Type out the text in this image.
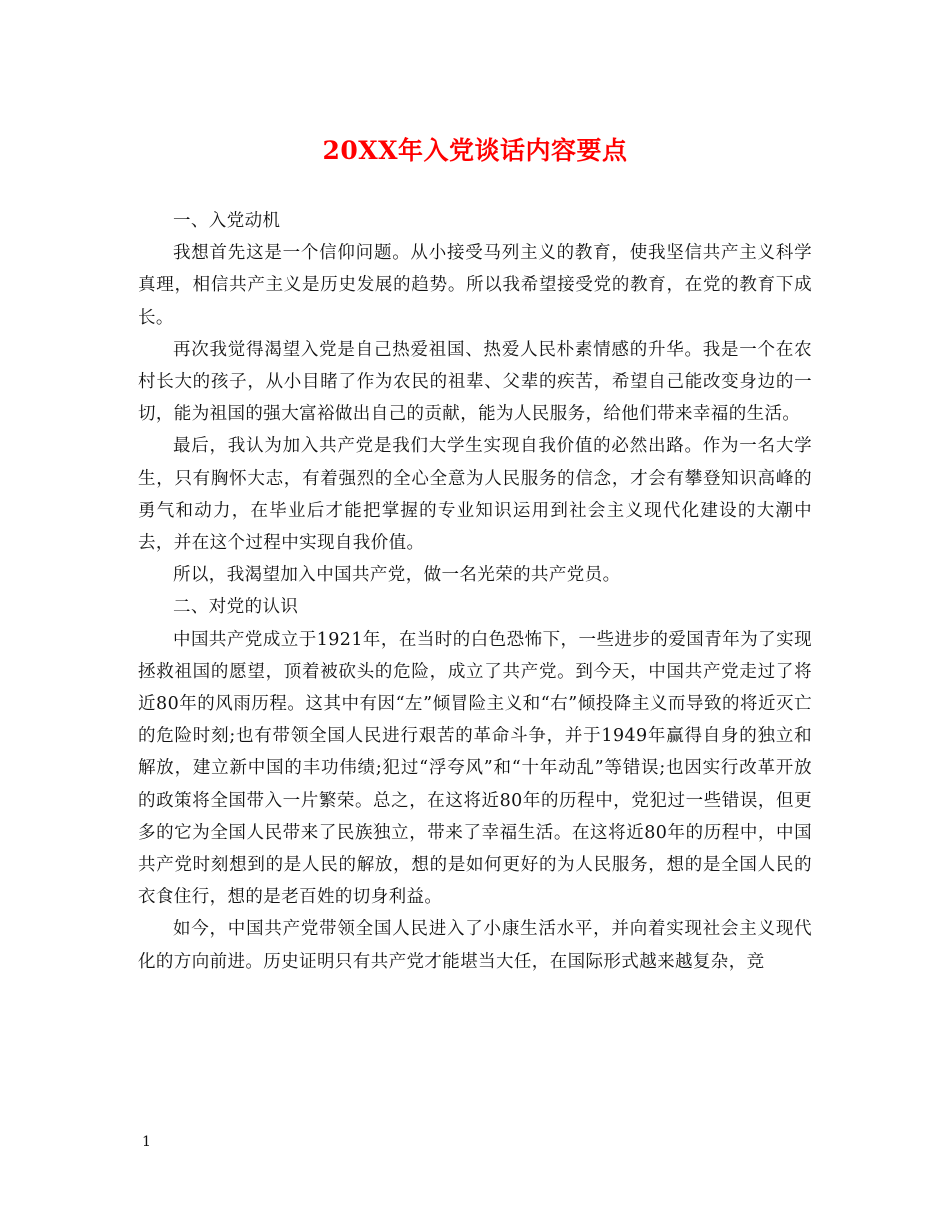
20XX年入党谈话内容要点

一、入党动机

我想首先这是一个信仰问题。从小接受马列主义的教育，使我坚信共产主义科学真理，相信共产主义是历史发展的趋势。所以我希望接受党的教育，在党的教育下成长。

再次我觉得渴望入党是自己热爱祖国、热爱人民朴素情感的升华。我是一个在农村长大的孩子，从小目睹了作为农民的祖辈、父辈的疾苦，希望自己能改变身边的一切，能为祖国的强大富裕做出自己的贡献，能为人民服务，给他们带来幸福的生活。

最后，我认为加入共产党是我们大学生实现自我价值的必然出路。作为一名大学生，只有胸怀大志，有着强烈的全心全意为人民服务的信念，才会有攀登知识高峰的勇气和动力，在毕业后才能把掌握的专业知识运用到社会主义现代化建设的大潮中去，并在这个过程中实现自我价值。

所以，我渴望加入中国共产党，做一名光荣的共产党员。

二、对党的认识

中国共产党成立于1921年，在当时的白色恐怖下，一些进步的爱国青年为了实现拯救祖国的愿望，顶着被砍头的危险，成立了共产党。到今天，中国共产党走过了将近80年的风雨历程。这其中有因“左”倾冒险主义和“右”倾投降主义而导致的将近灭亡的危险时刻;也有带领全国人民进行艰苦的革命斗争，并于1949年赢得自身的独立和解放，建立新中国的丰功伟绩;犯过“浮夸风”和“十年动乱”等错误;也因实行改革开放的政策将全国带入一片繁荣。总之，在这将近80年的历程中，党犯过一些错误，但更多的它为全国人民带来了民族独立，带来了幸福生活。在这将近80年的历程中，中国共产党时刻想到的是人民的解放，想的是如何更好的为人民服务，想的是全国人民的衣食住行，想的是老百姓的切身利益。

如今，中国共产党带领全国人民进入了小康生活水平，并向着实现社会主义现代化的方向前进。历史证明只有共产党才能堪当大任，在国际形式越来越复杂，竞

1
